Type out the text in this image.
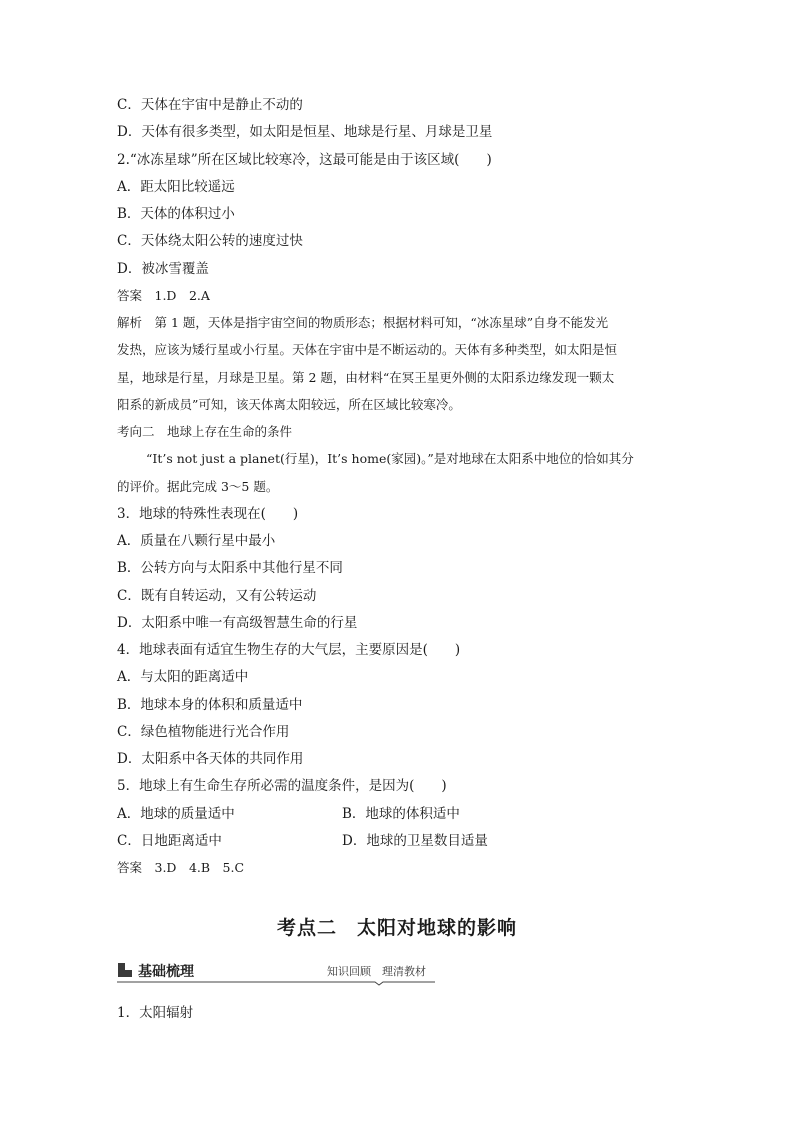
C．天体在宇宙中是静止不动的
D．天体有很多类型，如太阳是恒星、地球是行星、月球是卫星
2.“冰冻星球”所在区域比较寒冷，这最可能是由于该区域(　　)
A．距太阳比较遥远
B．天体的体积过小
C．天体绕太阳公转的速度过快
D．被冰雪覆盖
答案　1.D　2.A
解析　第 1 题，天体是指宇宙空间的物质形态；根据材料可知，“冰冻星球”自身不能发光
发热，应该为矮行星或小行星。天体在宇宙中是不断运动的。天体有多种类型，如太阳是恒
星，地球是行星，月球是卫星。第 2 题，由材料“在冥王星更外侧的太阳系边缘发现一颗太
阳系的新成员”可知，该天体离太阳较远，所在区域比较寒冷。
考向二　地球上存在生命的条件
“It’s not just a planet(行星)，It’s home(家园)。”是对地球在太阳系中地位的恰如其分
的评价。据此完成 3～5 题。
3．地球的特殊性表现在(　　)
A．质量在八颗行星中最小
B．公转方向与太阳系中其他行星不同
C．既有自转运动，又有公转运动
D．太阳系中唯一有高级智慧生命的行星
4．地球表面有适宜生物生存的大气层，主要原因是(　　)
A．与太阳的距离适中
B．地球本身的体积和质量适中
C．绿色植物能进行光合作用
D．太阳系中各天体的共同作用
5．地球上有生命生存所必需的温度条件，是因为(　　)
A．地球的质量适中	B．地球的体积适中
C．日地距离适中	D．地球的卫星数目适量
答案　3.D　4.B　5.C
考点二　太阳对地球的影响
基础梳理	知识回顾　理清教材
1．太阳辐射
